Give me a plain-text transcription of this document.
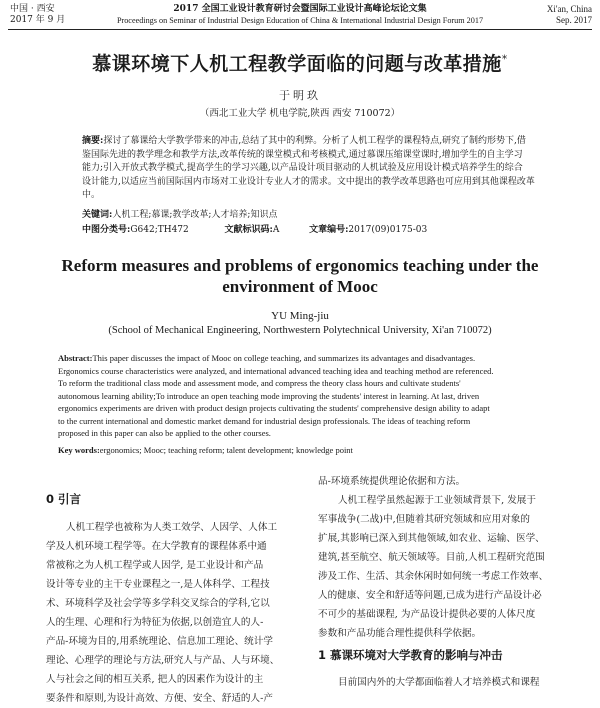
中国 · 西安
2017 年 9 月
2017 全国工业设计教育研讨会暨国际工业设计高峰论坛论文集
Proceedings on Seminar of Industrial Design Education of China & International Industrial Design Forum 2017
Xi'an, China
Sep. 2017
慕课环境下人机工程教学面临的问题与改革措施*
于明玖
（西北工业大学 机电学院,陕西 西安 710072）
摘要:探讨了慕课给大学教学带来的冲击,总结了其中的利弊。分析了人机工程学的课程特点,研究了制约形势下,借
鉴国际先进的教学理念和教学方法,改革传统的课堂模式和考核模式,通过慕课压缩课堂课时,增加学生的自主学习
能力;引入开放式教学模式,提高学生的学习兴趣,以产品设计项目驱动的人机试验及应用设计模式培养学生的综合
设计能力,以适应当前国际国内市场对工业设计专业人才的需求。文中提出的教学改革思路也可应用到其他课程改革
中。
关键词:人机工程;慕课;教学改革;人才培养;知识点
中图分类号:G642;TH472	文献标识码:A	文章编号:2017(09)0175-03
Reform measures and problems of ergonomics teaching under the
environment of Mooc
YU Ming-jiu
(School of Mechanical Engineering, Northwestern Polytechnical University, Xi'an 710072)
Abstract:This paper discusses the impact of Mooc on college teaching, and summarizes its advantages and disadvantages.
Ergonomics course characteristics were analyzed, and international advanced teaching idea and teaching method are referenced.
To reform the traditional class mode and assessment mode, and compress the theory class hours and cultivate students'
autonomous learning ability;To introduce an open teaching mode improving the students' interest in learning. At last, driven
ergonomics experiments are driven with product design projects cultivating the students' comprehensive design ability to adapt
to the current international and domestic market demand for industrial design professionals. The ideas of teaching reform
proposed in this paper can also be applied to the other courses.
Key words:ergonomics; Mooc; teaching reform; talent development; knowledge point
0 引言
人机工程学也被称为人类工效学、人因学、人体工
学及人机环境工程学等。在大学教育的课程体系中通
常被称之为人机工程学或人因学, 是工业设计和产品
设计等专业的主干专业课程之一,是人体科学、工程技
术、环境科学及社会学等多学科交叉综合的学科,它以
人的生理、心理和行为特征为依据,以创造宜人的人-
产品-环境为目的,用系统理论、信息加工理论、统计学
理论、心理学的理论与方法,研究人与产品、人与环境、
人与社会之间的相互关系, 把人的因素作为设计的主
要条件和原则,为设计高效、方便、安全、舒适的人-产
品-环境系统提供理论依据和方法。
人机工程学虽然起源于工业领域背景下, 发展于
军事战争(二战)中,但随着其研究领域和应用对象的
扩展,其影响已深入到其他领域,如农业、运输、医学、
建筑,甚至航空、航天领域等。目前,人机工程研究范围
涉及工作、生活、其余休闲时如何统一考虑工作效率、
人的健康、安全和舒适等问题,已成为进行产品设计必
不可少的基础课程, 为产品设计提供必要的人体尺度
参数和产品功能合理性提供科学依据。
1 慕课环境对大学教育的影响与冲击
目前国内外的大学都面临着人才培养模式和课程
